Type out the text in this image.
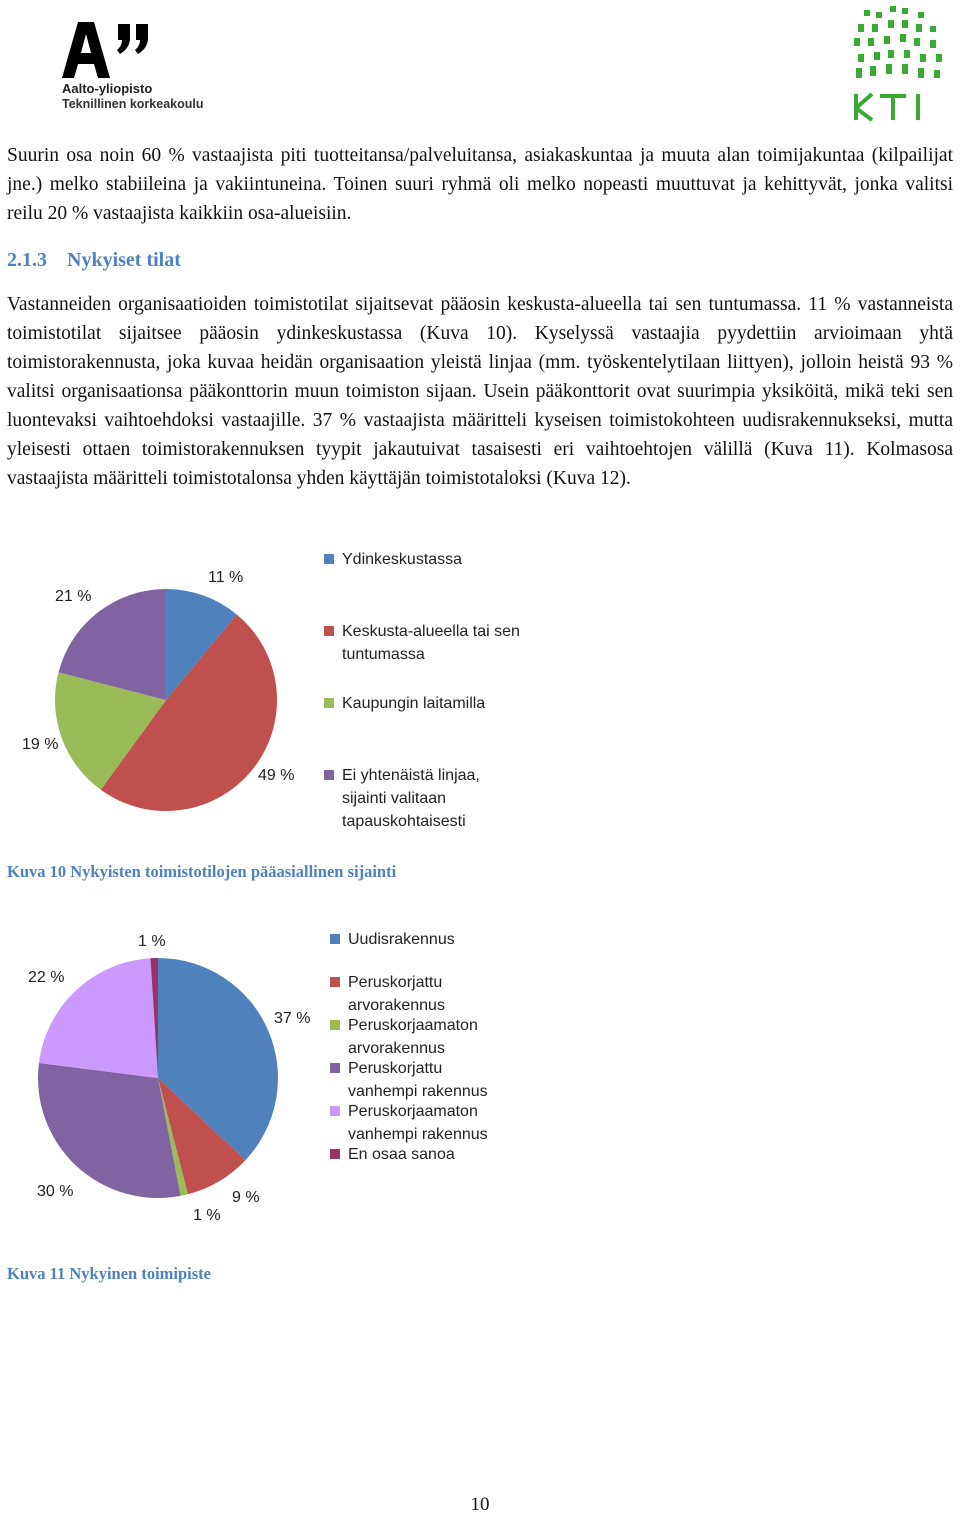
Aalto-yliopisto
Teknillinen korkeakoulu
Suurin osa noin 60 % vastaajista piti tuotteitansa/palveluitansa, asiakaskuntaa ja muuta alan toimijakuntaa (kilpailijat jne.) melko stabiileina ja vakiintuneina. Toinen suuri ryhmä oli melko nopeasti muuttuvat ja kehittyvät, jonka valitsi reilu 20 % vastaajista kaikkiin osa-alueisiin.
2.1.3 Nykyiset tilat
Vastanneiden organisaatioiden toimistotilat sijaitsevat pääosin keskusta-alueella tai sen tuntumassa. 11 % vastanneista toimistotilat sijaitsee pääosin ydinkeskustassa (Kuva 10). Kyselyssä vastaajia pyydettiin arvioimaan yhtä toimistorakennusta, joka kuvaa heidän organisaation yleistä linjaa (mm. työskentelytilaan liittyen), jolloin heistä 93 % valitsi organisaationsa pääkonttorin muun toimiston sijaan. Usein pääkonttorit ovat suurimpia yksiköitä, mikä teki sen luontevaksi vaihtoehdoksi vastaajille. 37 % vastaajista määritteli kyseisen toimistokohteen uudisrakennukseksi, mutta yleisesti ottaen toimistorakennuksen tyypit jakautuivat tasaisesti eri vaihtoehtojen välillä (Kuva 11). Kolmasosa vastaajista määritteli toimistotalonsa yhden käyttäjän toimistotaloksi (Kuva 12).
11 %
49 %
19 %
21 %
Ydinkeskustassa
Keskusta-alueella tai sen
tuntumassa
Kaupungin laitamilla
Ei yhtenäistä linjaa,
sijainti valitaan
tapauskohtaisesti
Kuva 10 Nykyisten toimistotilojen pääasiallinen sijainti
37 %
9 %
1 %
30 %
22 %
1 %	Uudisrakennus
Peruskorjattu
arvorakennus
Peruskorjaamaton
arvorakennus
Peruskorjattu
vanhempi rakennus
Peruskorjaamaton
vanhempi rakennus
En osaa sanoa
Kuva 11 Nykyinen toimipiste
10
